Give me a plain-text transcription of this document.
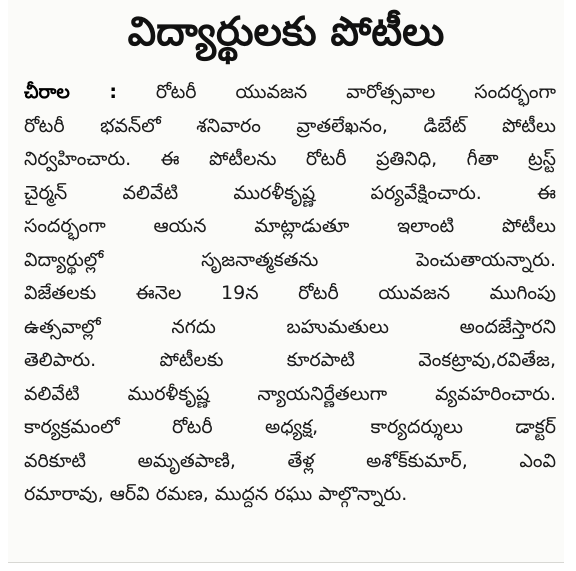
విద్యార్థులకు పోటీలు
చీరాల : రోటరీ యువజన వారోత్సవాల సందర్భంగా
రోటరీ భవన్‌లో శనివారం వ్రాతలేఖనం, డిబేట్ పోటీలు
నిర్వహించారు. ఈ పోటీలను రోటరీ ప్రతినిధి, గీతా ట్రస్ట్
చైర్మన్ వలివేటి మురళీకృష్ణ పర్యవేక్షించారు. ఈ
సందర్భంగా ఆయన మాట్లాడుతూ ఇలాంటి పోటీలు
విద్యార్థుల్లో సృజనాత్మకతను పెంచుతాయన్నారు.
విజేతలకు ఈనెల 19న రోటరీ యువజన ముగింపు
ఉత్సవాల్లో నగదు బహుమతులు అందజేస్తారని
తెలిపారు. పోటీలకు కూరపాటి వెంకట్రావు,రవితేజ,
వలివేటి మురళీకృష్ణ న్యాయనిర్ణేతలుగా వ్యవహరించారు.
కార్యక్రమంలో రోటరీ అధ్యక్ష, కార్యదర్శులు డాక్టర్
వరికూటి అమృతపాణి, తేళ్ల అశోక్‌కుమార్, ఎంవి
రమారావు, ఆర్‌వి రమణ, ముద్దన రఘు పాల్గొన్నారు.
